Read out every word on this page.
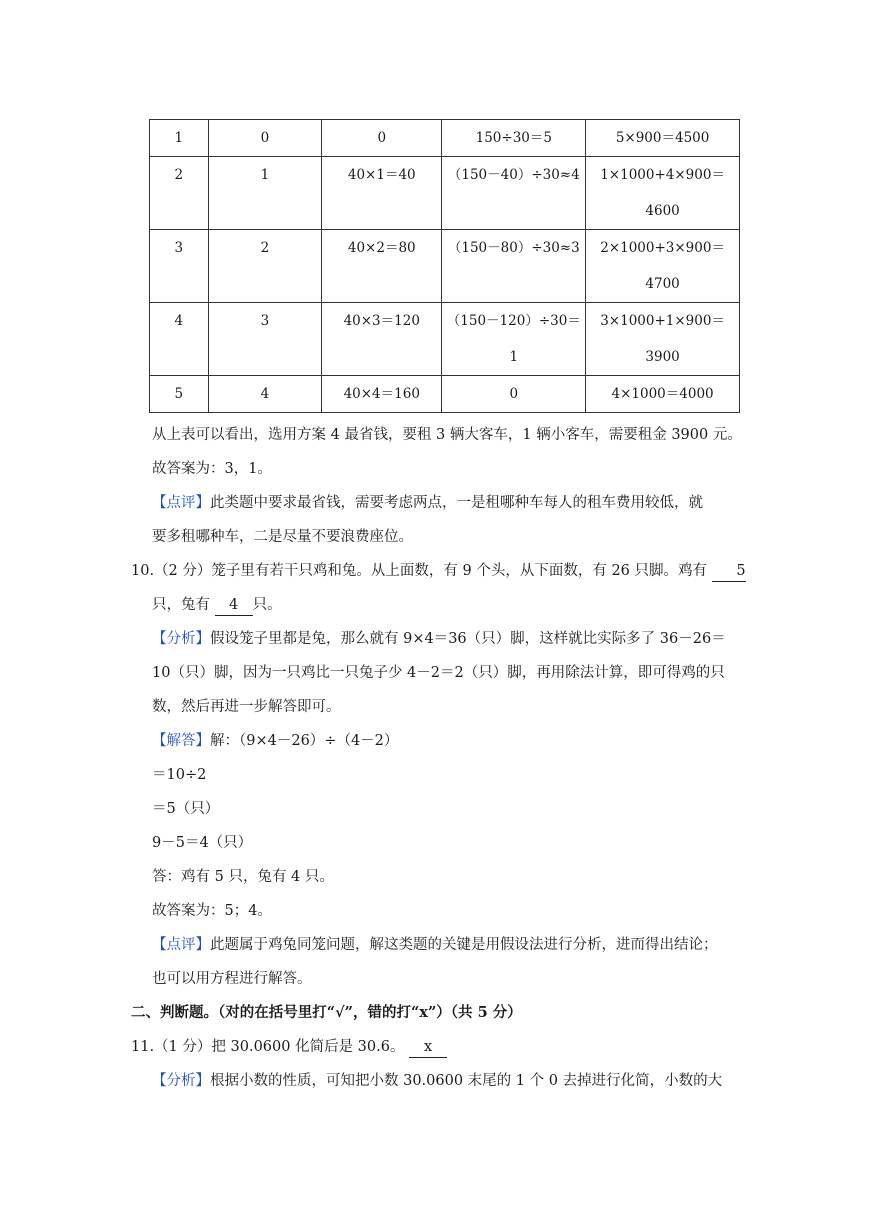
1	0	0	150÷30＝5	5×900＝4500
2	1	40×1＝40	（150－40）÷30≈4	1×1000+4×900＝
4600

3	2	40×2＝80	（150－80）÷30≈3	2×1000+3×900＝
4700

4	3	40×3＝120	（150－120）÷30＝1	3×1000+1×900＝
3900

5	4	40×4＝160	0	4×1000＝4000
从上表可以看出，选用方案 4 最省钱，要租 3 辆大客车，1 辆小客车，需要租金 3900 元。
故答案为：3，1。
【点评】此类题中要求最省钱，需要考虑两点，一是租哪种车每人的租车费用较低，就
要多租哪种车，二是尽量不要浪费座位。
10.（2 分）笼子里有若干只鸡和兔。从上面数，有 9 个头，从下面数，有 26 只脚。鸡有 5
只，兔有 4 只。
【分析】假设笼子里都是兔，那么就有 9×4＝36（只）脚，这样就比实际多了 36－26＝
10（只）脚，因为一只鸡比一只兔子少 4－2＝2（只）脚，再用除法计算，即可得鸡的只
数，然后再进一步解答即可。
【解答】解：（9×4－26）÷（4－2）
＝10÷2
＝5（只）
9－5＝4（只）
答：鸡有 5 只，兔有 4 只。
故答案为：5；4。
【点评】此题属于鸡兔同笼问题，解这类题的关键是用假设法进行分析，进而得出结论；
也可以用方程进行解答。
二、判断题。（对的在括号里打“√”，错的打“x”）（共 5 分）
11.（1 分）把 30.0600 化简后是 30.6。 x
【分析】根据小数的性质，可知把小数 30.0600 末尾的 1 个 0 去掉进行化简，小数的大
